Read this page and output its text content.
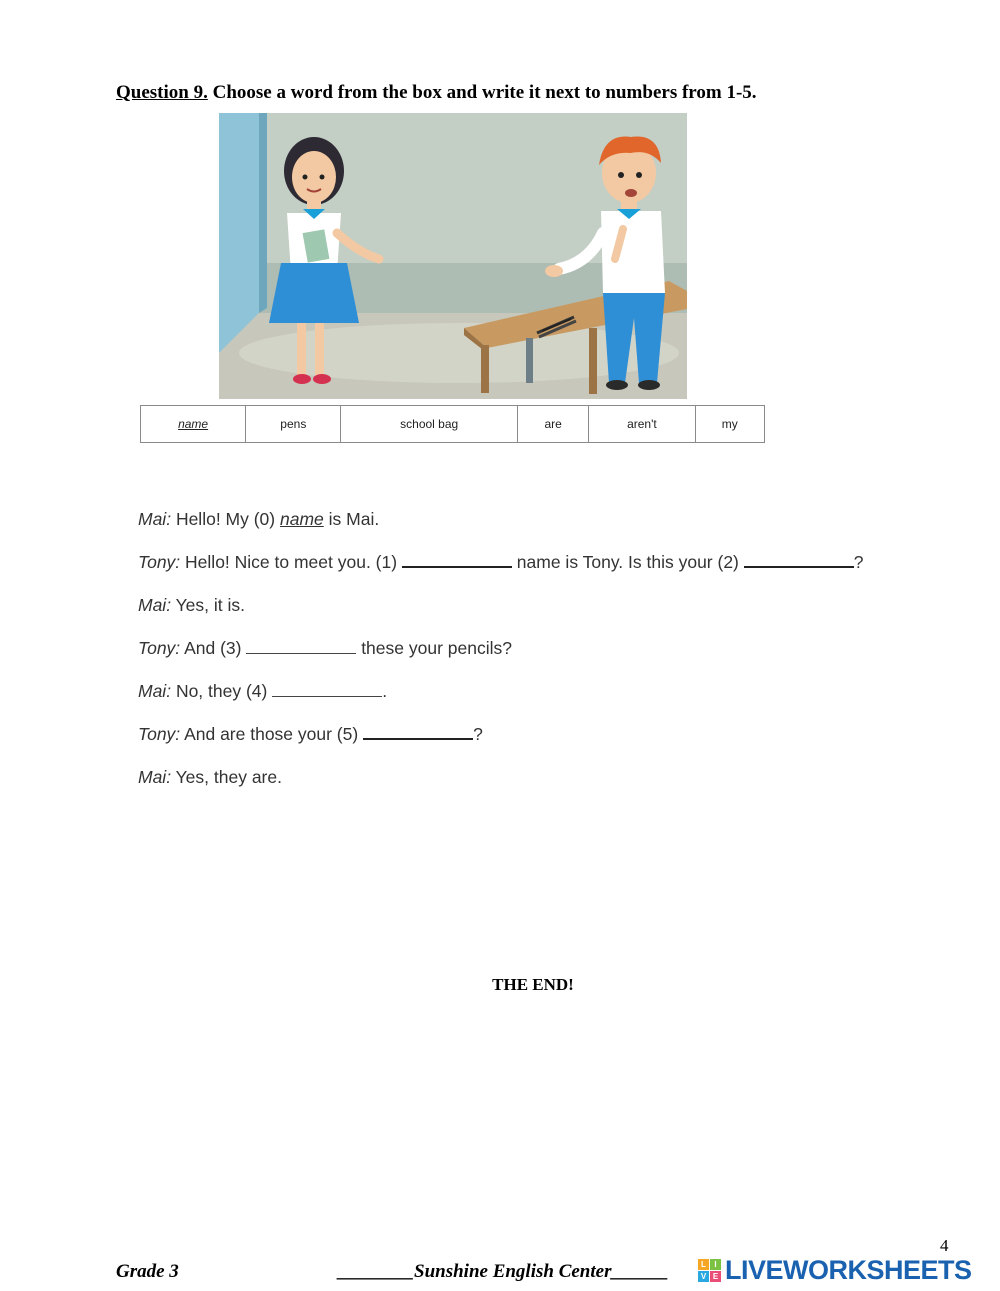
Question 9. Choose a word from the box and write it next to numbers from 1-5.
name	pens	school bag	are	aren't	my
Mai: Hello! My (0) name is Mai.
Tony: Hello! Nice to meet you. (1)	name is Tony. Is this your (2)	?
Mai: Yes, it is.
Tony: And (3)	these your pencils?
Mai: No, they (4)	.
Tony: And are those your (5)	?
Mai: Yes, they are.
THE END!
4
Grade 3	________Sunshine English Center______	L	I
V E LIVEWORKSHEETS
